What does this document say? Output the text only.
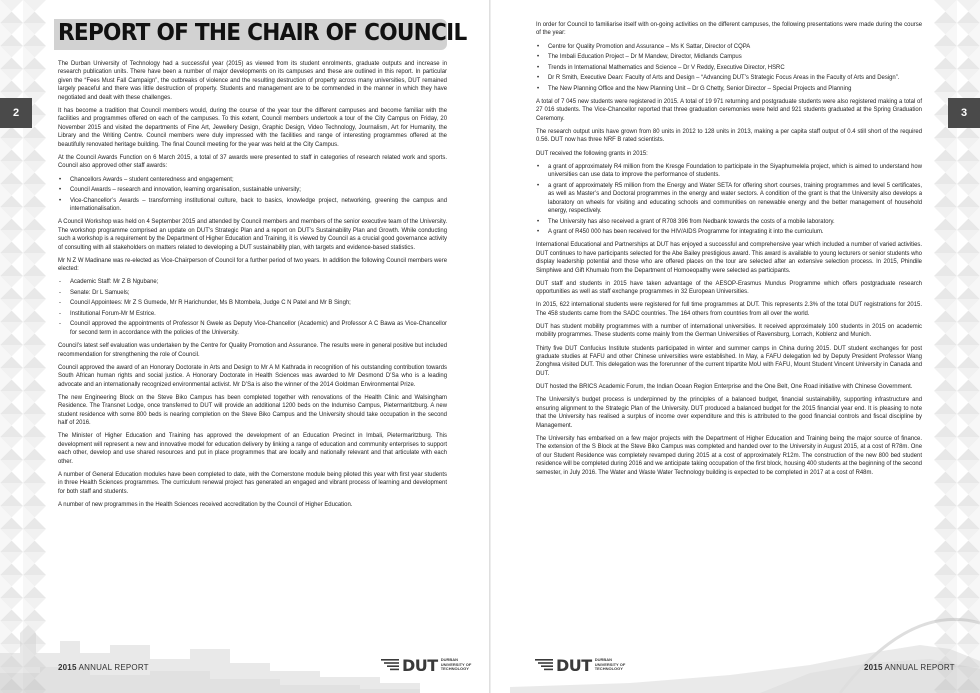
2
REPORT OF THE CHAIR OF COUNCIL

The Durban University of Technology had a successful year (2015) as viewed from its student enrolments, graduate outputs and increase in research publication units. There have been a number of major developments on its campuses and these are outlined in this report. In particular given the “Fees Must Fall Campaign”, the outbreaks of violence and the resulting destruction of property across many universities, DUT remained largely peaceful and there was little destruction of property. Students and management are to be commended in the manner in which they have negotiated and dealt with these challenges.

It has become a tradition that Council members would, during the course of the year tour the different campuses and become familiar with the facilities and programmes offered on each of the campuses. To this extent, Council members undertook a tour of the City Campus on Friday, 20 November 2015 and visited the departments of Fine Art, Jewellery Design, Graphic Design, Video Technology, Journalism, Art for Humanity, the Library and the Writing Centre. Council members were duly impressed with the facilities and range of interesting programmes offered at the beautifully renovated heritage building. The final Council meeting for the year was held at the City Campus.

At the Council Awards Function on 6 March 2015, a total of 37 awards were presented to staff in categories of research related work and sports. Council also approved other staff awards:

• Chancellors Awards – student centeredness and engagement;
• Council Awards – research and innovation, learning organisation, sustainable university;
• Vice-Chancellor’s Awards – transforming institutional culture, back to basics, knowledge project, networking, greening the campus and internationalisation.

A Council Workshop was held on 4 September 2015 and attended by Council members and members of the senior executive team of the University. The workshop programme comprised an update on DUT’s Strategic Plan and a report on DUT’s Sustainability Plan and Growth. While conducting such a workshop is a requirement by the Department of Higher Education and Training, it is viewed by Council as a crucial good governance activity of consulting with all stakeholders on matters related to developing a DUT sustainability plan, with targets and evidence-based statistics.

Mr N Z W Madinane was re-elected as Vice-Chairperson of Council for a further period of two years. In addition the following Council members were elected:

- Academic Staff: Mr Z B Ngubane;
- Senate: Dr L Samuels;
- Council Appointees: Mr Z S Gumede, Mr R Harichunder, Ms B Ntombela, Judge C N Patel and Mr B Singh;
- Institutional Forum-Mr M Estrice.
- Council approved the appointments of Professor N Gwele as Deputy Vice-Chancellor (Academic) and Professor A C Bawa as Vice-Chancellor for second term in accordance with the policies of the University.

Council’s latest self evaluation was undertaken by the Centre for Quality Promotion and Assurance. The results were in general positive but included recommendation for strengthening the role of Council.

Council approved the award of an Honorary Doctorate in Arts and Design to Mr A M Kathrada in recognition of his outstanding contribution towards South African human rights and social justice. A Honorary Doctorate in Health Sciences was awarded to Mr Desmond D’Sa who is a leading advocate and an internationally recognized environmental activist. Mr D’Sa is also the winner of the 2014 Goldman Environmental Prize.

The new Engineering Block on the Steve Biko Campus has been completed together with renovations of the Health Clinic and Walsingham Residence. The Transnet Lodge, once transferred to DUT will provide an additional 1200 beds on the Indumiso Campus, Pietermaritzburg. A new student residence with some 800 beds is nearing completion on the Steve Biko Campus and the University should take occupation in the second half of 2016.

The Minister of Higher Education and Training has approved the development of an Education Precinct in Imbali, Pietermaritzburg. This development will represent a new and innovative model for education delivery by linking a range of education and community enterprises to support each other, develop and use shared resources and put in place programmes that are locally and nationally relevant and that articulate with each other.

A number of General Education modules have been completed to date, with the Cornerstone module being piloted this year with first year students in three Health Sciences programmes. The curriculum renewal project has generated an engaged and vibrant process of learning and development for both staff and students.

A number of new programmes in the Health Sciences received accreditation by the Council of Higher Education.

2015 ANNUAL REPORT	DUT DURBAN
UNIVERSITY OF
TECHNOLOGY
3
DUT DURBAN
UNIVERSITY OF
TECHNOLOGY	2015 ANNUAL REPORT

In order for Council to familiarise itself with on-going activities on the different campuses, the following presentations were made during the course of the year:

• Centre for Quality Promotion and Assurance – Ms K Sattar, Director of CQPA
• The Imbali Education Project – Dr M Mandew, Director, Midlands Campus
• Trends in International Mathematics and Science – Dr V Reddy, Executive Director, HSRC
• Dr R Smith, Executive Dean: Faculty of Arts and Design – “Advancing DUT’s Strategic Focus Areas in the Faculty of Arts and Design”.
• The New Planning Office and the New Planning Unit – Dr G Chetty, Senior Director – Special Projects and Planning

A total of 7 045 new students were registered in 2015. A total of 19 971 returning and postgraduate students were also registered making a total of 27 016 students. The Vice-Chancellor reported that three graduation ceremonies were held and 921 students graduated at the Spring Graduation Ceremony.

The research output units have grown from 80 units in 2012 to 128 units in 2013, making a per capita staff output of 0.4 still short of the required 0.56. DUT now has three NRF B rated scientists.

DUT received the following grants in 2015:

• a grant of approximately R4 million from the Kresge Foundation to participate in the Siyaphumelela project, which is aimed to understand how universities can use data to improve the performance of students.
• a grant of approximately R5 million from the Energy and Water SETA for offering short courses, training programmes and level 5 certificates, as well as Master’s and Doctoral programmes in the energy and water sectors. A condition of the grant is that the University also develops a laboratory on wheels for visiting and educating schools and communities on renewable energy and the better management of household energy, respectively.
• The University has also received a grant of R708 396 from Nedbank towards the costs of a mobile laboratory.
• A grant of R450 000 has been received for the HIV/AIDS Programme for integrating it into the curriculum.

International Educational and Partnerships at DUT has enjoyed a successful and comprehensive year which included a number of varied activities. DUT continues to have participants selected for the Abe Bailey prestigious award. This award is available to young lecturers or senior students who display leadership potential and those who are offered places on the tour are selected after an extensive selection process. In 2015, Phindile Simphiwe and Gift Khumalo from the Department of Homoeopathy were selected as participants.

DUT staff and students in 2015 have taken advantage of the AESOP-Erasmus Mundus Programme which offers postgraduate research opportunities as well as staff exchange programmes in 32 European Universities.

In 2015, 622 international students were registered for full time programmes at DUT. This represents 2.3% of the total DUT registrations for 2015. The 458 students came from the SADC countries. The 164 others from countries from all over the world.

DUT has student mobility programmes with a number of international universities. It received approximately 100 students in 2015 on academic mobility programmes. These students come mainly from the German Universities of Ravensburg, Lorrach, Koblenz and Munich.

Thirty five DUT Confucius Institute students participated in winter and summer camps in China during 2015. DUT student exchanges for post graduate studies at FAFU and other Chinese universities were established. In May, a FAFU delegation led by Deputy President Professor Wang Zonghwa visited DUT. This delegation was the forerunner of the current tripartite MoU with FAFU, Mount Student Vincent University in Canada and DUT.

DUT hosted the BRICS Academic Forum, the Indian Ocean Region Enterprise and the One Belt, One Road initiative with Chinese Government.

The University’s budget process is underpinned by the principles of a balanced budget, financial sustainability, supporting infrastructure and ensuring alignment to the Strategic Plan of the University. DUT produced a balanced budget for the 2015 financial year end. It is pleasing to note that the University has realised a surplus of income over expenditure and this is attributed to the good financial controls and fiscal discipline by Management.

The University has embarked on a few major projects with the Department of Higher Education and Training being the major source of finance. The extension of the S Block at the Steve Biko Campus was completed and handed over to the University in August 2015, at a cost of R78m. One of our Student Residence was completely revamped during 2015 at a cost of approximately R12m. The construction of the new 800 bed student residence will be completed during 2016 and we anticipate taking occupation of the first block, housing 400 students at the beginning of the second semester, in July 2016. The Water and Waste Water Technology building is expected to be completed in 2017 at a cost of R48m.
